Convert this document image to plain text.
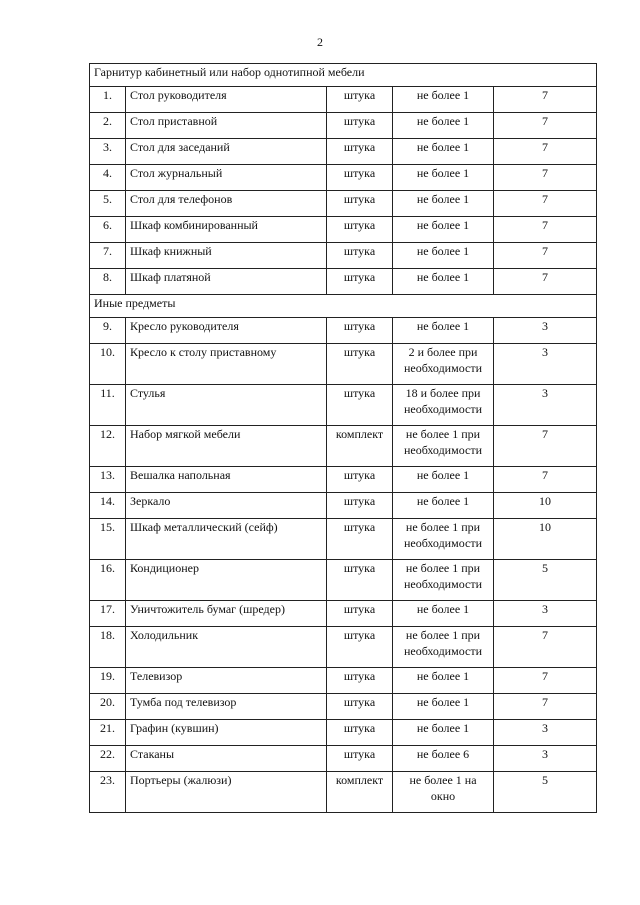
2
Гарнитур кабинетный или набор однотипной мебели				
1.	Стол руководителя	штука	не более 1	7
2.	Стол приставной	штука	не более 1	7
3.	Стол для заседаний	штука	не более 1	7
4.	Стол журнальный	штука	не более 1	7
5.	Стол для телефонов	штука	не более 1	7
6.	Шкаф комбинированный	штука	не более 1	7
7.	Шкаф книжный	штука	не более 1	7
8.	Шкаф платяной	штука	не более 1	7
Иные предметы				
9.	Кресло руководителя	штука	не более 1	3
10.	Кресло к столу приставному	штука	2 и более при необходимости	3
11.	Стулья	штука	18 и более при необходимости	3
12.	Набор мягкой мебели	комплект	не более 1 при необходимости	7
13.	Вешалка напольная	штука	не более 1	7
14.	Зеркало	штука	не более 1	10
15.	Шкаф металлический (сейф)	штука	не более 1 при необходимости	10
16.	Кондиционер	штука	не более 1 при необходимости	5
17.	Уничтожитель бумаг (шредер)	штука	не более 1	3
18.	Холодильник	штука	не более 1 при необходимости	7
19.	Телевизор	штука	не более 1	7
20.	Тумба под телевизор	штука	не более 1	7
21.	Графин (кувшин)	штука	не более 1	3
22.	Стаканы	штука	не более 6	3
23.	Портьеры (жалюзи)	комплект	не более 1 на окно	5
